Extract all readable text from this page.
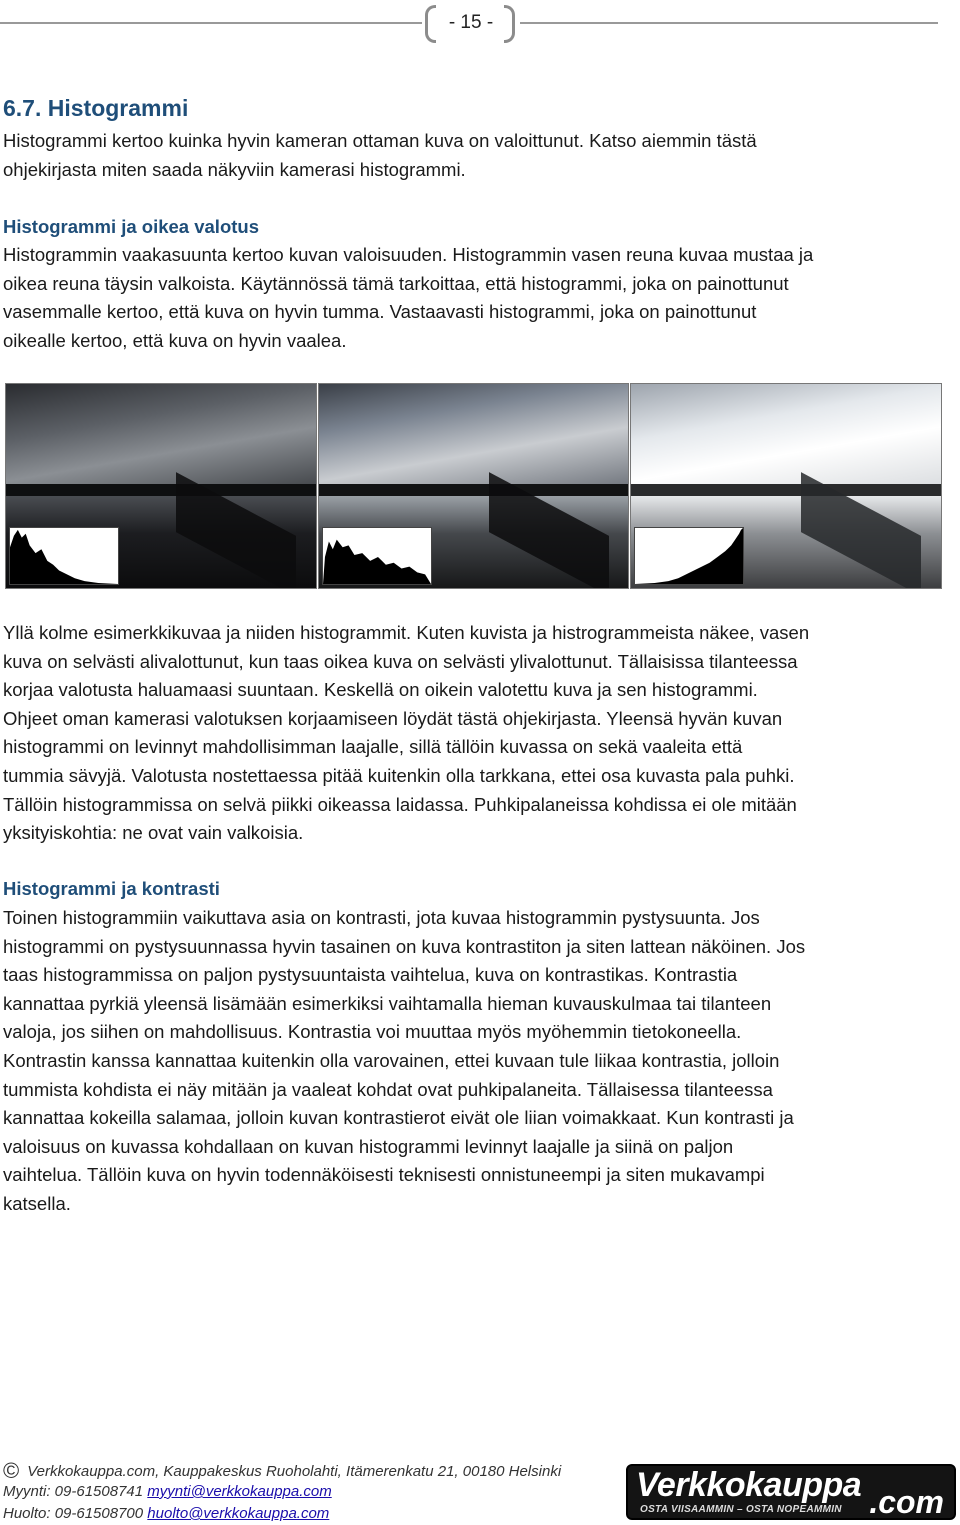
- 15 -
6.7. Histogrammi
Histogrammi kertoo kuinka hyvin kameran ottaman kuva on valoittunut. Katso aiemmin tästä
ohjekirjasta miten saada näkyviin kamerasi histogrammi.
Histogrammi ja oikea valotus
Histogrammin vaakasuunta kertoo kuvan valoisuuden. Histogrammin vasen reuna kuvaa mustaa ja
oikea reuna täysin valkoista. Käytännössä tämä tarkoittaa, että histogrammi, joka on painottunut
vasemmalle kertoo, että kuva on hyvin tumma. Vastaavasti histogrammi, joka on painottunut
oikealle kertoo, että kuva on hyvin vaalea.
Yllä kolme esimerkkikuvaa ja niiden histogrammit. Kuten kuvista ja histrogrammeista näkee, vasen
kuva on selvästi alivalottunut, kun taas oikea kuva on selvästi ylivalottunut. Tällaisissa tilanteessa
korjaa valotusta haluamaasi suuntaan. Keskellä on oikein valotettu kuva ja sen histogrammi.
Ohjeet oman kamerasi valotuksen korjaamiseen löydät tästä ohjekirjasta. Yleensä hyvän kuvan
histogrammi on levinnyt mahdollisimman laajalle, sillä tällöin kuvassa on sekä vaaleita että
tummia sävyjä. Valotusta nostettaessa pitää kuitenkin olla tarkkana, ettei osa kuvasta pala puhki.
Tällöin histogrammissa on selvä piikki oikeassa laidassa. Puhkipalaneissa kohdissa ei ole mitään
yksityiskohtia: ne ovat vain valkoisia.
Histogrammi ja kontrasti
Toinen histogrammiin vaikuttava asia on kontrasti, jota kuvaa histogrammin pystysuunta. Jos
histogrammi on pystysuunnassa hyvin tasainen on kuva kontrastiton ja siten lattean näköinen. Jos
taas histogrammissa on paljon pystysuuntaista vaihtelua, kuva on kontrastikas. Kontrastia
kannattaa pyrkiä yleensä lisämään esimerkiksi vaihtamalla hieman kuvauskulmaa tai tilanteen
valoja, jos siihen on mahdollisuus. Kontrastia voi muuttaa myös myöhemmin tietokoneella.
Kontrastin kanssa kannattaa kuitenkin olla varovainen, ettei kuvaan tule liikaa kontrastia, jolloin
tummista kohdista ei näy mitään ja vaaleat kohdat ovat puhkipalaneita. Tällaisessa tilanteessa
kannattaa kokeilla salamaa, jolloin kuvan kontrastierot eivät ole liian voimakkaat. Kun kontrasti ja
valoisuus on kuvassa kohdallaan on kuvan histogrammi levinnyt laajalle ja siinä on paljon
vaihtelua. Tällöin kuva on hyvin todennäköisesti teknisesti onnistuneempi ja siten mukavampi
katsella.
© Verkkokauppa.com, Kauppakeskus Ruoholahti, Itämerenkatu 21, 00180 Helsinki
Myynti: 09-61508741 myynti@verkkokauppa.com
Huolto: 09-61508700 huolto@verkkokauppa.com
Verkkokauppa .com
OSTA VIISAAMMIN – OSTA NOPEAMMIN
